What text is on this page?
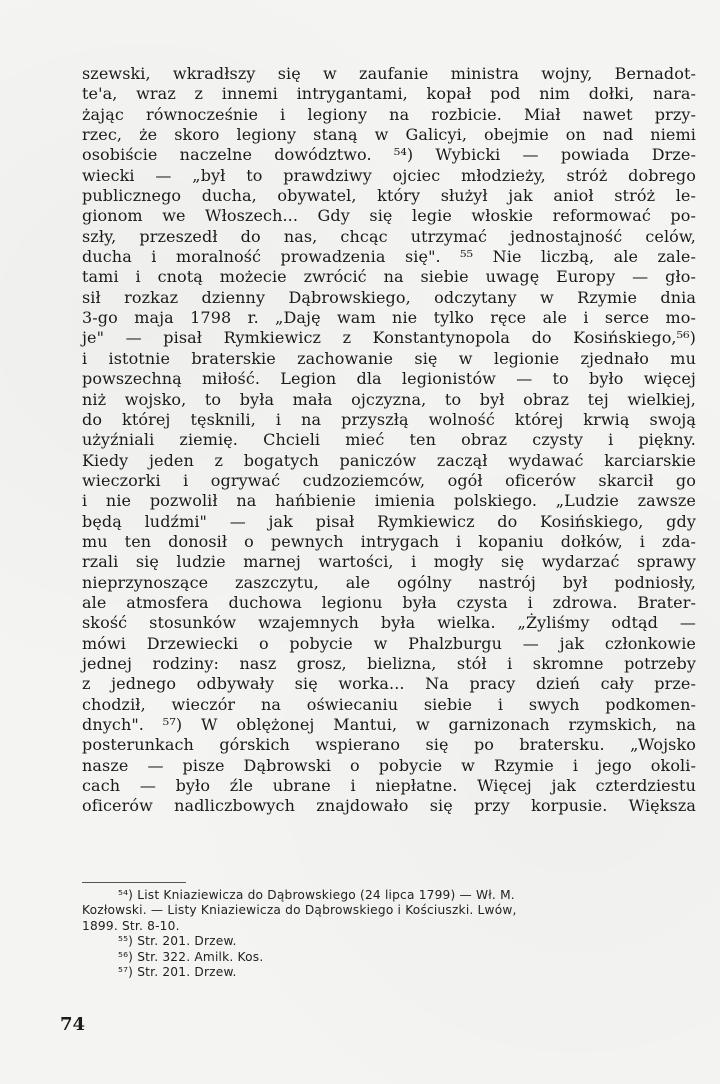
szewski, wkradłszy się w zaufanie ministra wojny, Bernadot-
te'a, wraz z innemi intrygantami, kopał pod nim dołki, nara-
żając równocześnie i legiony na rozbicie. Miał nawet przy-
rzec, że skoro legiony staną w Galicyi, obejmie on nad niemi
osobiście naczelne dowództwo. ⁵⁴) Wybicki — powiada Drze-
wiecki — „był to prawdziwy ojciec młodzieży, stróż dobrego
publicznego ducha, obywatel, który służył jak anioł stróż le-
gionom we Włoszech... Gdy się legie włoskie reformować po-
szły, przeszedł do nas, chcąc utrzymać jednostajność celów,
ducha i moralność prowadzenia się". ⁵⁵ Nie liczbą, ale zale-
tami i cnotą możecie zwrócić na siebie uwagę Europy — gło-
sił rozkaz dzienny Dąbrowskiego, odczytany w Rzymie dnia
3-go maja 1798 r. „Daję wam nie tylko ręce ale i serce mo-
je" — pisał Rymkiewicz z Konstantynopola do Kosińskiego,⁵⁶)
i istotnie braterskie zachowanie się w legionie zjednało mu
powszechną miłość. Legion dla legionistów — to było więcej
niż wojsko, to była mała ojczyzna, to był obraz tej wielkiej,
do której tęsknili, i na przyszłą wolność której krwią swoją
użyźniali ziemię. Chcieli mieć ten obraz czysty i piękny.
Kiedy jeden z bogatych paniczów zaczął wydawać karciarskie
wieczorki i ogrywać cudzoziemców, ogół oficerów skarcił go
i nie pozwolił na hańbienie imienia polskiego. „Ludzie zawsze
będą ludźmi" — jak pisał Rymkiewicz do Kosińskiego, gdy
mu ten donosił o pewnych intrygach i kopaniu dołków, i zda-
rzali się ludzie marnej wartości, i mogły się wydarzać sprawy
nieprzynoszące zaszczytu, ale ogólny nastrój był podniosły,
ale atmosfera duchowa legionu była czysta i zdrowa. Brater-
skość stosunków wzajemnych była wielka. „Żyliśmy odtąd —
mówi Drzewiecki o pobycie w Phalzburgu — jak członkowie
jednej rodziny: nasz grosz, bielizna, stół i skromne potrzeby
z jednego odbywały się worka... Na pracy dzień cały prze-
chodził, wieczór na oświecaniu siebie i swych podkomen-
dnych". ⁵⁷) W oblężonej Mantui, w garnizonach rzymskich, na
posterunkach górskich wspierano się po bratersku. „Wojsko
nasze — pisze Dąbrowski o pobycie w Rzymie i jego okoli-
cach — było źle ubrane i niepłatne. Więcej jak czterdziestu
oficerów nadliczbowych znajdowało się przy korpusie. Większa
⁵⁴) List Kniaziewicza do Dąbrowskiego (24 lipca 1799) — Wł. M.
Kozłowski. — Listy Kniaziewicza do Dąbrowskiego i Kościuszki. Lwów,
1899. Str. 8-10.
⁵⁵) Str. 201. Drzew.
⁵⁶) Str. 322. Amilk. Kos.
⁵⁷) Str. 201. Drzew.
74
